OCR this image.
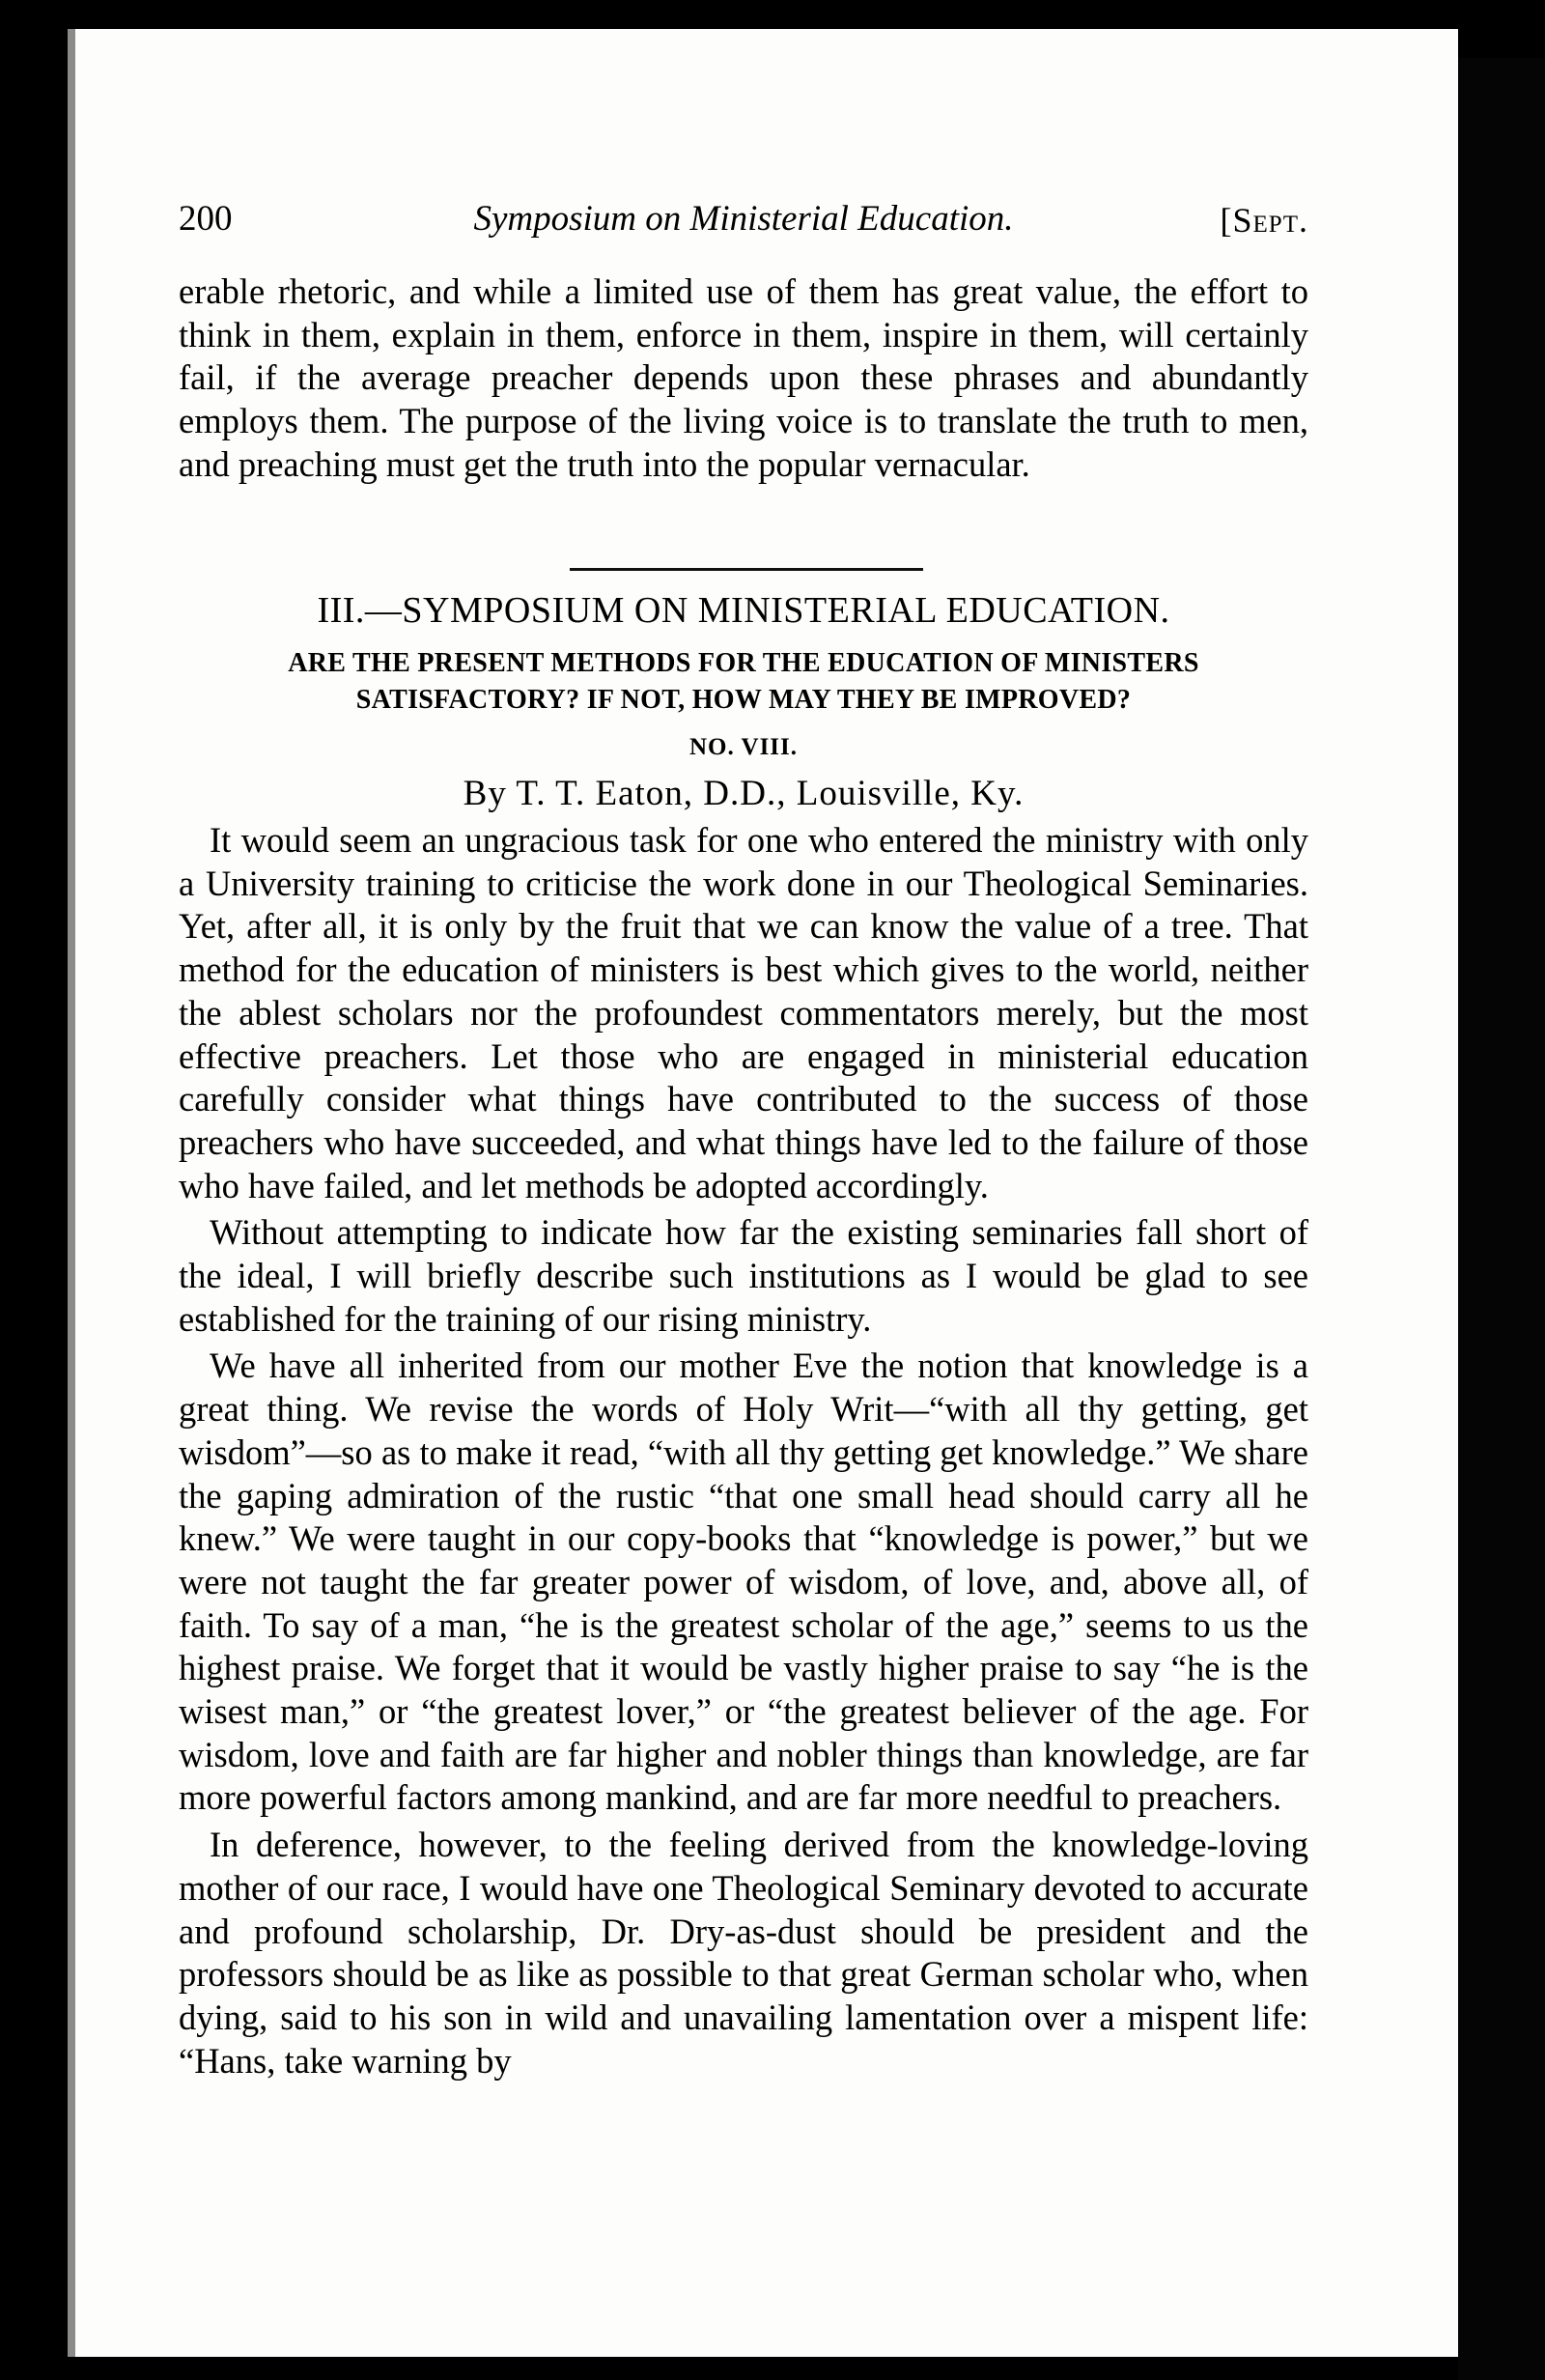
200	Symposium on Ministerial Education.	[Sept.

erable rhetoric, and while a limited use of them has great value, the effort to think in them, explain in them, enforce in them, inspire in them, will certainly fail, if the average preacher depends upon these phrases and abundantly employs them. The purpose of the living voice is to translate the truth to men, and preaching must get the truth into the popular vernacular.

III.—SYMPOSIUM ON MINISTERIAL EDUCATION.
ARE THE PRESENT METHODS FOR THE EDUCATION OF MINISTERS
SATISFACTORY? IF NOT, HOW MAY THEY BE IMPROVED?
NO. VIII.
By T. T. Eaton, D.D., Louisville, Ky.

It would seem an ungracious task for one who entered the ministry with only a University training to criticise the work done in our Theological Seminaries. Yet, after all, it is only by the fruit that we can know the value of a tree. That method for the education of ministers is best which gives to the world, neither the ablest scholars nor the profoundest commentators merely, but the most effective preachers. Let those who are engaged in ministerial education carefully consider what things have contributed to the success of those preachers who have succeeded, and what things have led to the failure of those who have failed, and let methods be adopted accordingly.

Without attempting to indicate how far the existing seminaries fall short of the ideal, I will briefly describe such institutions as I would be glad to see established for the training of our rising ministry.

We have all inherited from our mother Eve the notion that knowledge is a great thing. We revise the words of Holy Writ—“with all thy getting, get wisdom”—so as to make it read, “with all thy getting get knowledge.” We share the gaping admiration of the rustic “that one small head should carry all he knew.” We were taught in our copy-books that “knowledge is power,” but we were not taught the far greater power of wisdom, of love, and, above all, of faith. To say of a man, “he is the greatest scholar of the age,” seems to us the highest praise. We forget that it would be vastly higher praise to say “he is the wisest man,” or “the greatest lover,” or “the greatest believer of the age. For wisdom, love and faith are far higher and nobler things than knowledge, are far more powerful factors among mankind, and are far more needful to preachers.

In deference, however, to the feeling derived from the knowledge-loving mother of our race, I would have one Theological Seminary devoted to accurate and profound scholarship, Dr. Dry-as-dust should be president and the professors should be as like as possible to that great German scholar who, when dying, said to his son in wild and unavailing lamentation over a mispent life: “Hans, take warning by
